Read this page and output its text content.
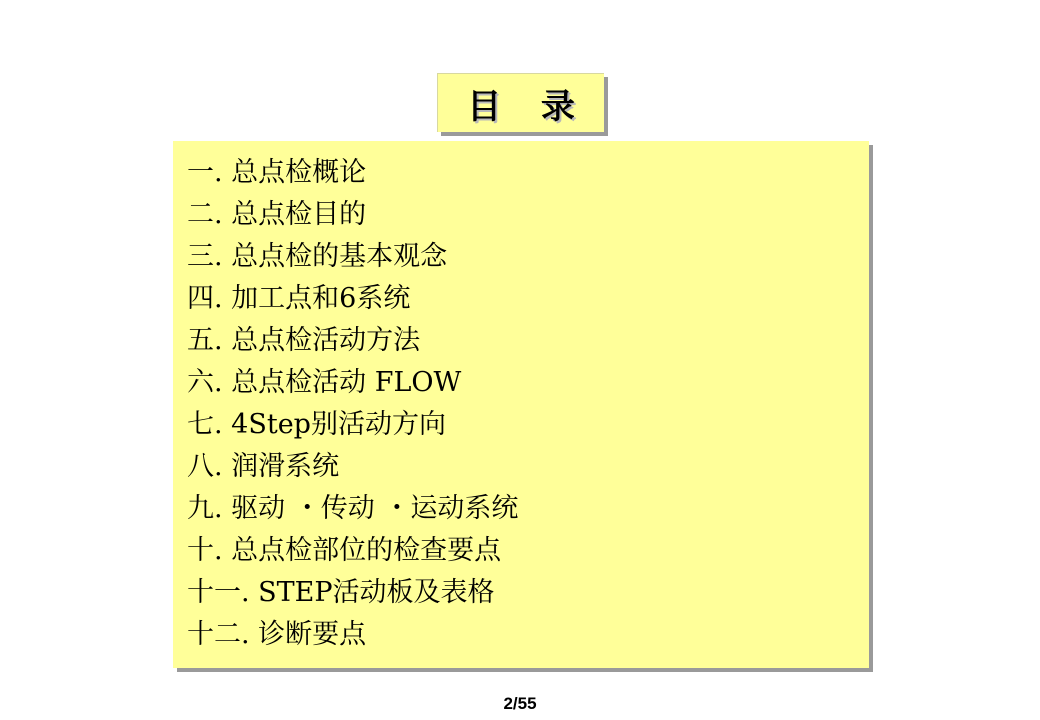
目 录
一. 总点检概论
二. 总点检目的
三. 总点检的基本观念
四. 加工点和6系统
五. 总点检活动方法
六. 总点检活动 FLOW
七. 4Step别活动方向
八. 润滑系统
九. 驱动 ・传动 ・运动系统
十. 总点检部位的检查要点
十一. STEP活动板及表格
十二. 诊断要点
2/55
